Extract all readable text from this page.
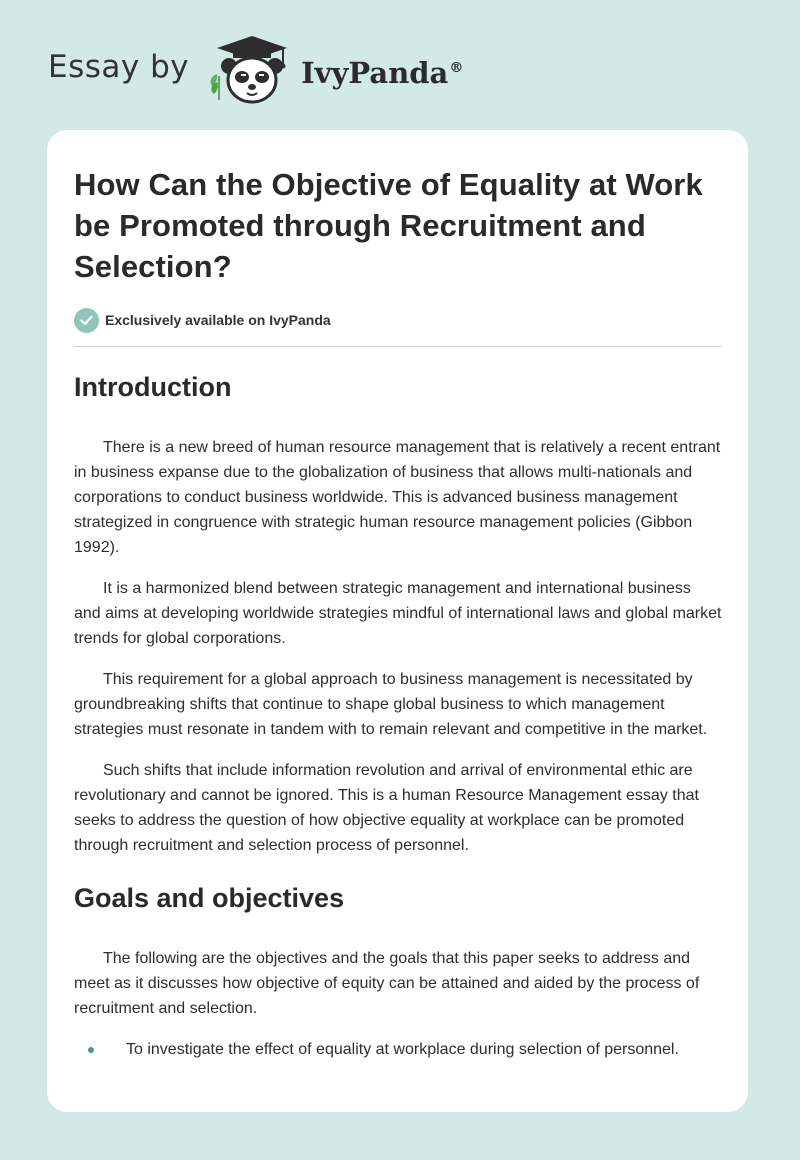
Essay by	IvyPanda®
How Can the Objective of Equality at Work be Promoted through Recruitment and Selection?
Exclusively available on IvyPanda
Introduction

There is a new breed of human resource management that is relatively a recent entrant in business expanse due to the globalization of business that allows multi-nationals and corporations to conduct business worldwide. This is advanced business management strategized in congruence with strategic human resource management policies (Gibbon 1992).

It is a harmonized blend between strategic management and international business and aims at developing worldwide strategies mindful of international laws and global market trends for global corporations.

This requirement for a global approach to business management is necessitated by groundbreaking shifts that continue to shape global business to which management strategies must resonate in tandem with to remain relevant and competitive in the market.

Such shifts that include information revolution and arrival of environmental ethic are revolutionary and cannot be ignored. This is a human Resource Management essay that seeks to address the question of how objective equality at workplace can be promoted through recruitment and selection process of personnel.

Goals and objectives

The following are the objectives and the goals that this paper seeks to address and meet as it discusses how objective of equity can be attained and aided by the process of recruitment and selection.

To investigate the effect of equality at workplace during selection of personnel.
